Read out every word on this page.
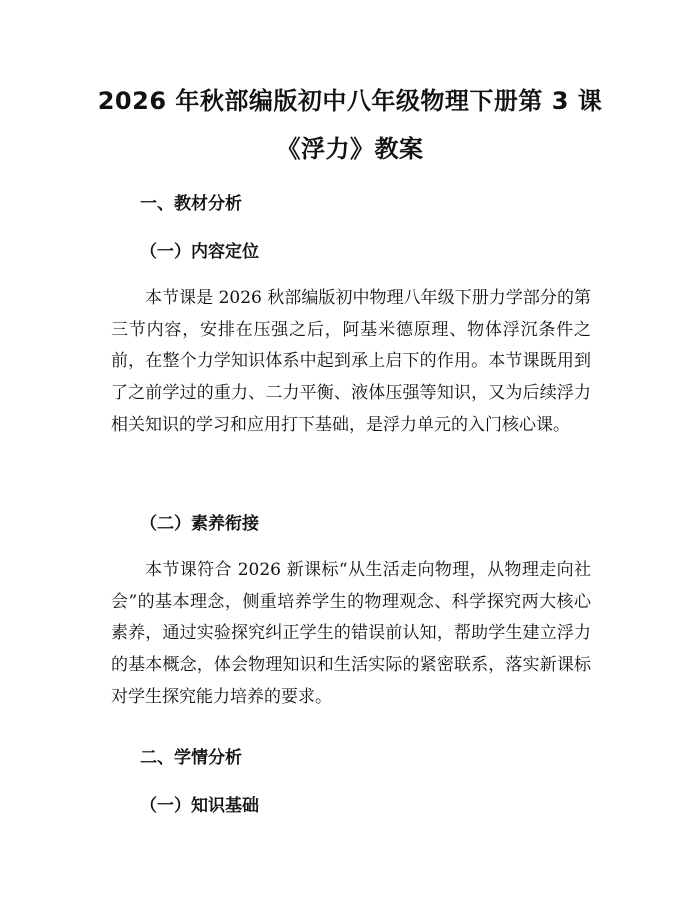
2026 年秋部编版初中八年级物理下册第 3 课
《浮力》教案
一、教材分析
（一）内容定位

本节课是 2026 秋部编版初中物理八年级下册力学部分的第三节内容，安排在压强之后，阿基米德原理、物体浮沉条件之前，在整个力学知识体系中起到承上启下的作用。本节课既用到了之前学过的重力、二力平衡、液体压强等知识，又为后续浮力相关知识的学习和应用打下基础，是浮力单元的入门核心课。

（二）素养衔接

本节课符合 2026 新课标“从生活走向物理，从物理走向社会”的基本理念，侧重培养学生的物理观念、科学探究两大核心素养，通过实验探究纠正学生的错误前认知，帮助学生建立浮力的基本概念，体会物理知识和生活实际的紧密联系，落实新课标对学生探究能力培养的要求。

二、学情分析
（一）知识基础
